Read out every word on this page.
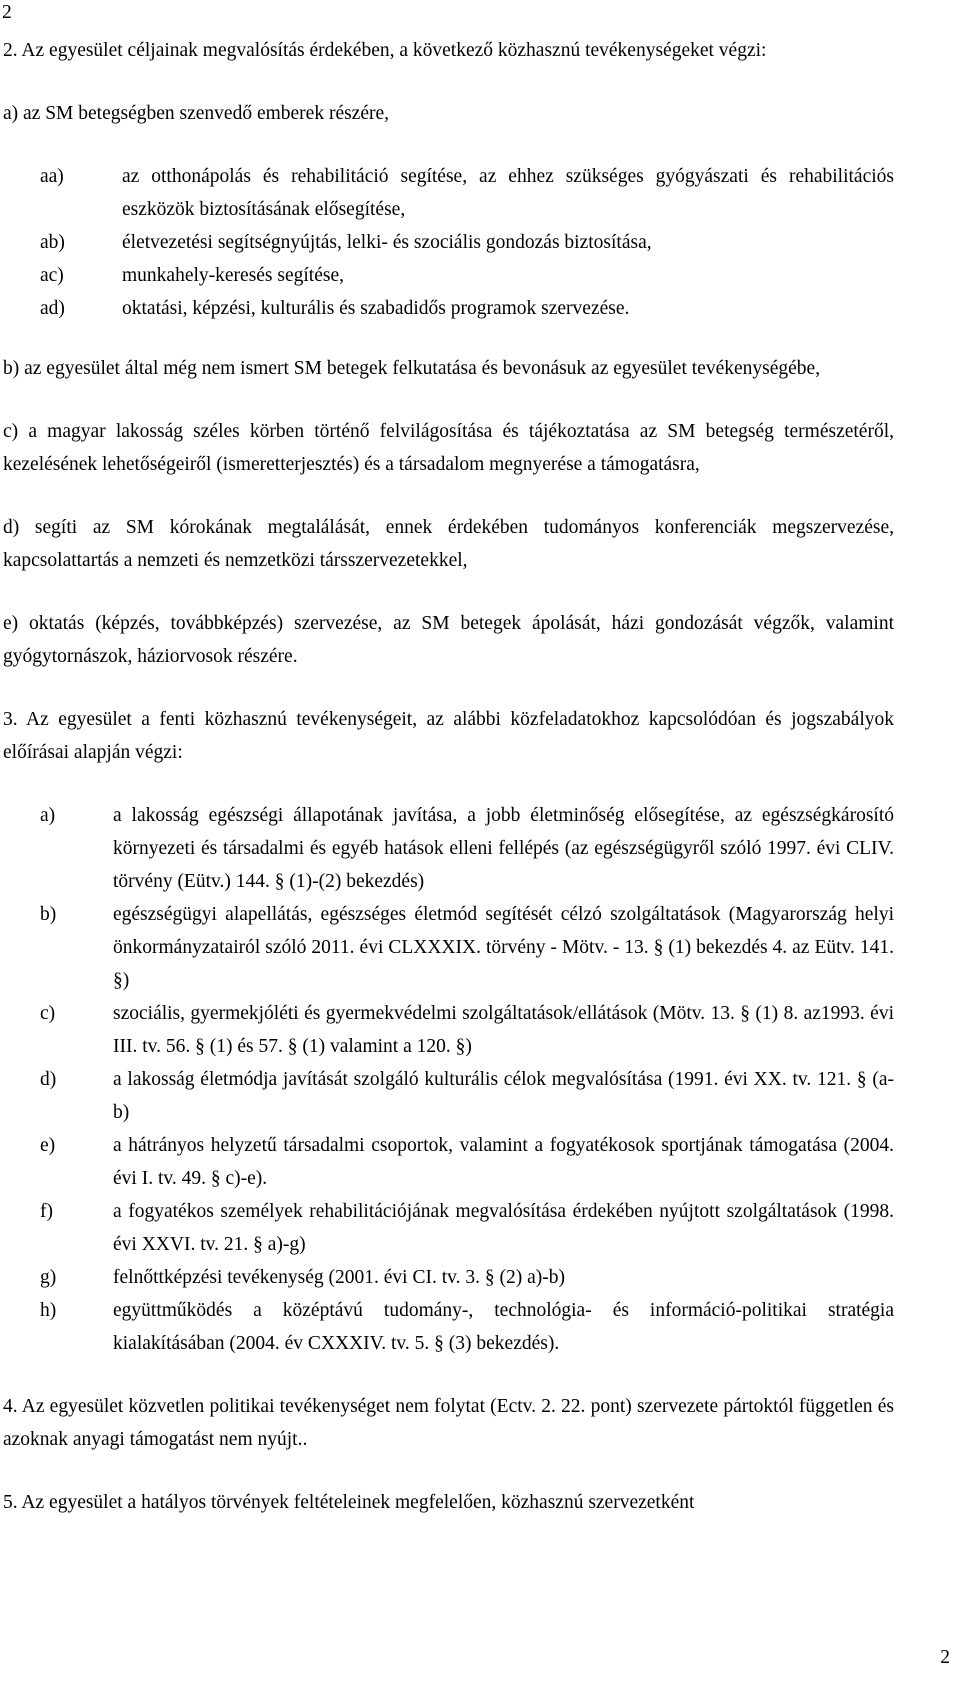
2

2. Az egyesület céljainak megvalósítás érdekében, a következő közhasznú tevékenységeket végzi:

a) az SM betegségben szenvedő emberek részére,

aa)	az otthonápolás és rehabilitáció segítése, az ehhez szükséges gyógyászati és rehabilitációs eszközök biztosításának elősegítése,
ab)	életvezetési segítségnyújtás, lelki- és szociális gondozás biztosítása,
ac)	munkahely-keresés segítése,
ad)	oktatási, képzési, kulturális és szabadidős programok szervezése.

b) az egyesület által még nem ismert SM betegek felkutatása és bevonásuk az egyesület tevékenységébe,

c) a magyar lakosság széles körben történő felvilágosítása és tájékoztatása az SM betegség természetéről, kezelésének lehetőségeiről (ismeretterjesztés) és a társadalom megnyerése a támogatásra,

d) segíti az SM kórokának megtalálását, ennek érdekében tudományos konferenciák megszervezése, kapcsolattartás a nemzeti és nemzetközi társszervezetekkel,

e) oktatás (képzés, továbbképzés) szervezése, az SM betegek ápolását, házi gondozását végzők, valamint gyógytornászok, háziorvosok részére.

3. Az egyesület a fenti közhasznú tevékenységeit, az alábbi közfeladatokhoz kapcsolódóan és jogszabályok előírásai alapján végzi:

a)	a lakosság egészségi állapotának javítása, a jobb életminőség elősegítése, az egészségkárosító környezeti és társadalmi és egyéb hatások elleni fellépés (az egészségügyről szóló 1997. évi CLIV. törvény (Eütv.) 144. § (1)-(2) bekezdés)
b)	egészségügyi alapellátás, egészséges életmód segítését célzó szolgáltatások (Magyarország helyi önkormányzatairól szóló 2011. évi CLXXXIX. törvény - Mötv. - 13. § (1) bekezdés 4. az Eütv. 141. §)
c)	szociális, gyermekjóléti és gyermekvédelmi szolgáltatások/ellátások (Mötv. 13. § (1) 8. az1993. évi III. tv. 56. § (1) és 57. § (1) valamint a 120. §)
d)	a lakosság életmódja javítását szolgáló kulturális célok megvalósítása (1991. évi XX. tv. 121. § (a-b)
e)	a hátrányos helyzetű társadalmi csoportok, valamint a fogyatékosok sportjának támogatása (2004. évi I. tv. 49. § c)-e).
f)	a fogyatékos személyek rehabilitációjának megvalósítása érdekében nyújtott szolgáltatások (1998. évi XXVI. tv. 21. § a)-g)
g)	felnőttképzési tevékenység (2001. évi CI. tv. 3. § (2) a)-b)
h)	együttműködés a középtávú tudomány-, technológia- és információ-politikai stratégia kialakításában (2004. év CXXXIV. tv. 5. § (3) bekezdés).

4. Az egyesület közvetlen politikai tevékenységet nem folytat (Ectv. 2. 22. pont) szervezete pártoktól független és azoknak anyagi támogatást nem nyújt..

5. Az egyesület a hatályos törvények feltételeinek megfelelően, közhasznú szervezetként

2
